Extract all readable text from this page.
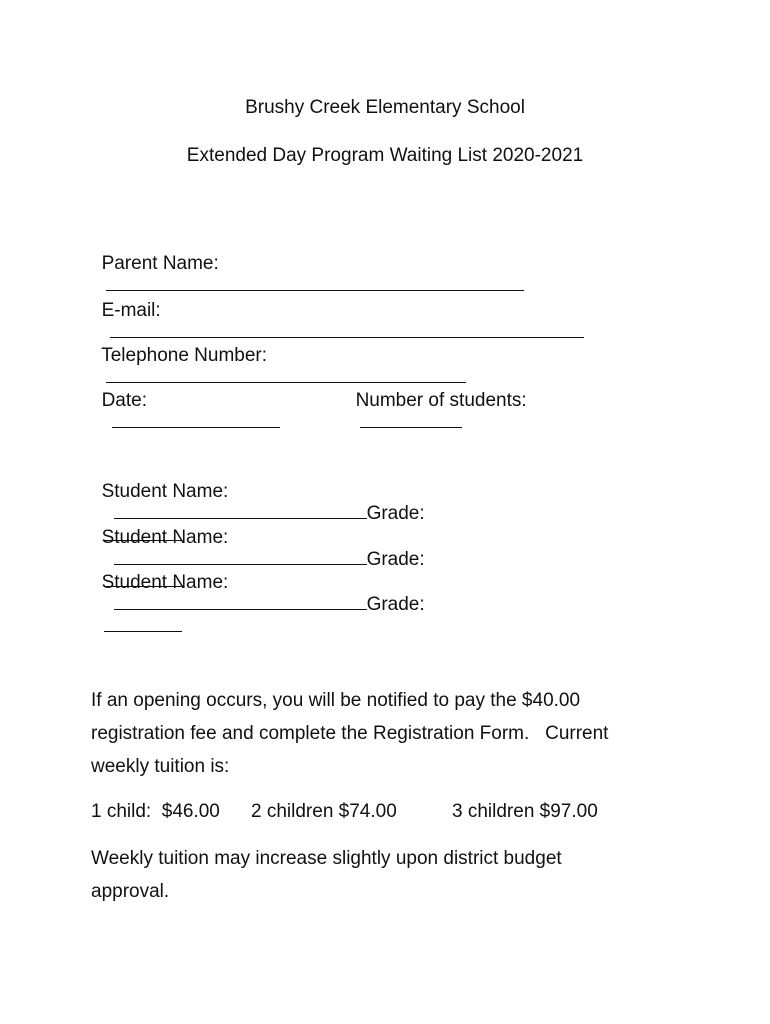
Brushy Creek Elementary School
Extended Day Program Waiting List 2020-2021

Parent Name:

E-mail:

Telephone Number:

Date:
	Number of students:

Student Name:
Grade:

Student Name:
Grade:

Student Name:
Grade:

If an opening occurs, you will be notified to pay the $40.00
registration fee and complete the Registration Form.   Current
weekly tuition is:
1 child:  $46.00 2 children $74.00	3 children $97.00
Weekly tuition may increase slightly upon district budget
approval.
